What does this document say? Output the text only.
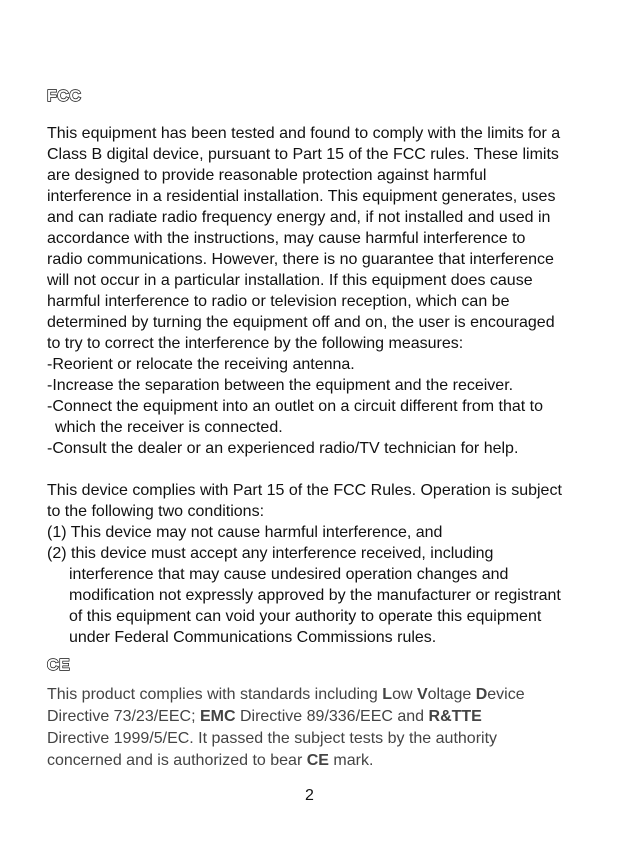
FCC
This equipment has been tested and found to comply with the limits for a
Class B digital device, pursuant to Part 15 of the FCC rules. These limits
are designed to provide reasonable protection against harmful
interference in a residential installation. This equipment generates, uses
and can radiate radio frequency energy and, if not installed and used in
accordance with the instructions, may cause harmful interference to
radio communications. However, there is no guarantee that interference
will not occur in a particular installation. If this equipment does cause
harmful interference to radio or television reception, which can be
determined by turning the equipment off and on, the user is encouraged
to try to correct the interference by the following measures:
-Reorient or relocate the receiving antenna.
-Increase the separation between the equipment and the receiver.
-Connect the equipment into an outlet on a circuit different from that to
which the receiver is connected.
-Consult the dealer or an experienced radio/TV technician for help.
This device complies with Part 15 of the FCC Rules. Operation is subject
to the following two conditions:
(1) This device may not cause harmful interference, and
(2) this device must accept any interference received, including
interference that may cause undesired operation changes and
modification not expressly approved by the manufacturer or registrant
of this equipment can void your authority to operate this equipment
under Federal Communications Commissions rules.
CE
This product complies with standards including Low Voltage Device
Directive 73/23/EEC; EMC Directive 89/336/EEC and R&TTE
Directive 1999/5/EC. It passed the subject tests by the authority
concerned and is authorized to bear CE mark.
2
